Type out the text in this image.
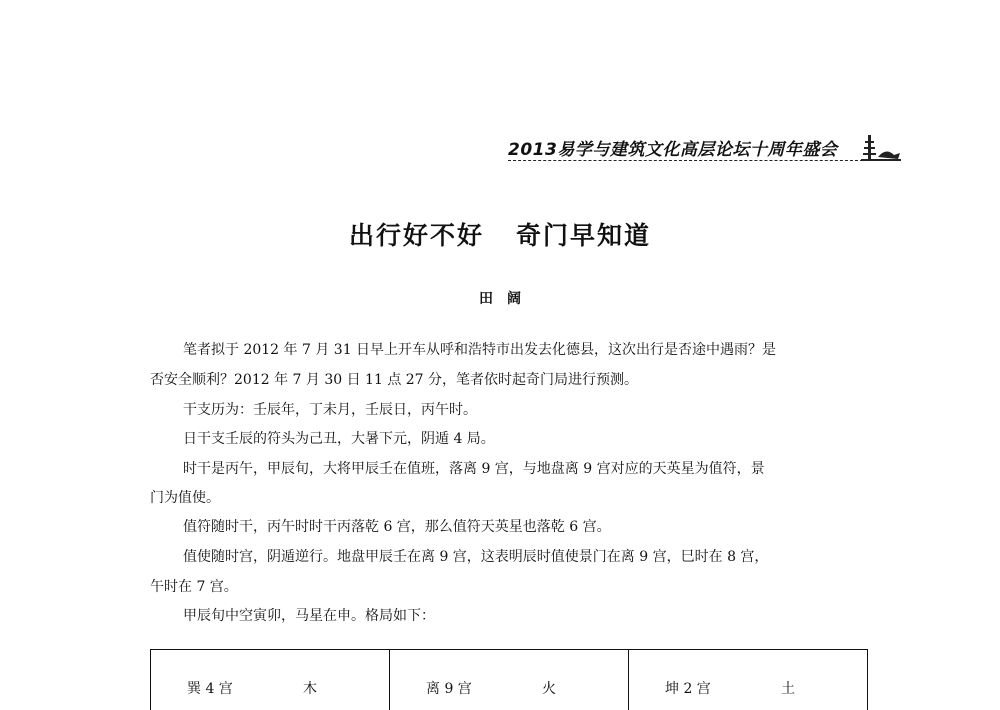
2013易学与建筑文化高层论坛十周年盛会
出行好不好   奇门早知道
田阔
笔者拟于 2012 年 7 月 31 日早上开车从呼和浩特市出发去化德县，这次出行是否途中遇雨？是
否安全顺利？2012 年 7 月 30 日 11 点 27 分，笔者依时起奇门局进行预测。
干支历为：壬辰年，丁未月，壬辰日，丙午时。
日干支壬辰的符头为己丑，大暑下元，阴遁 4 局。
时干是丙午，甲辰旬，大将甲辰壬在值班，落离 9 宫，与地盘离 9 宫对应的天英星为值符，景
门为值使。
值符随时干，丙午时时干丙落乾 6 宫，那么值符天英星也落乾 6 宫。
值使随时宫，阴遁逆行。地盘甲辰壬在离 9 宫，这表明辰时值使景门在离 9 宫，巳时在 8 宫，
午时在 7 宫。
甲辰旬中空寅卯，马星在申。格局如下：
巽 4 宫	木	离 9 宫	火	坤 2 宫	土
